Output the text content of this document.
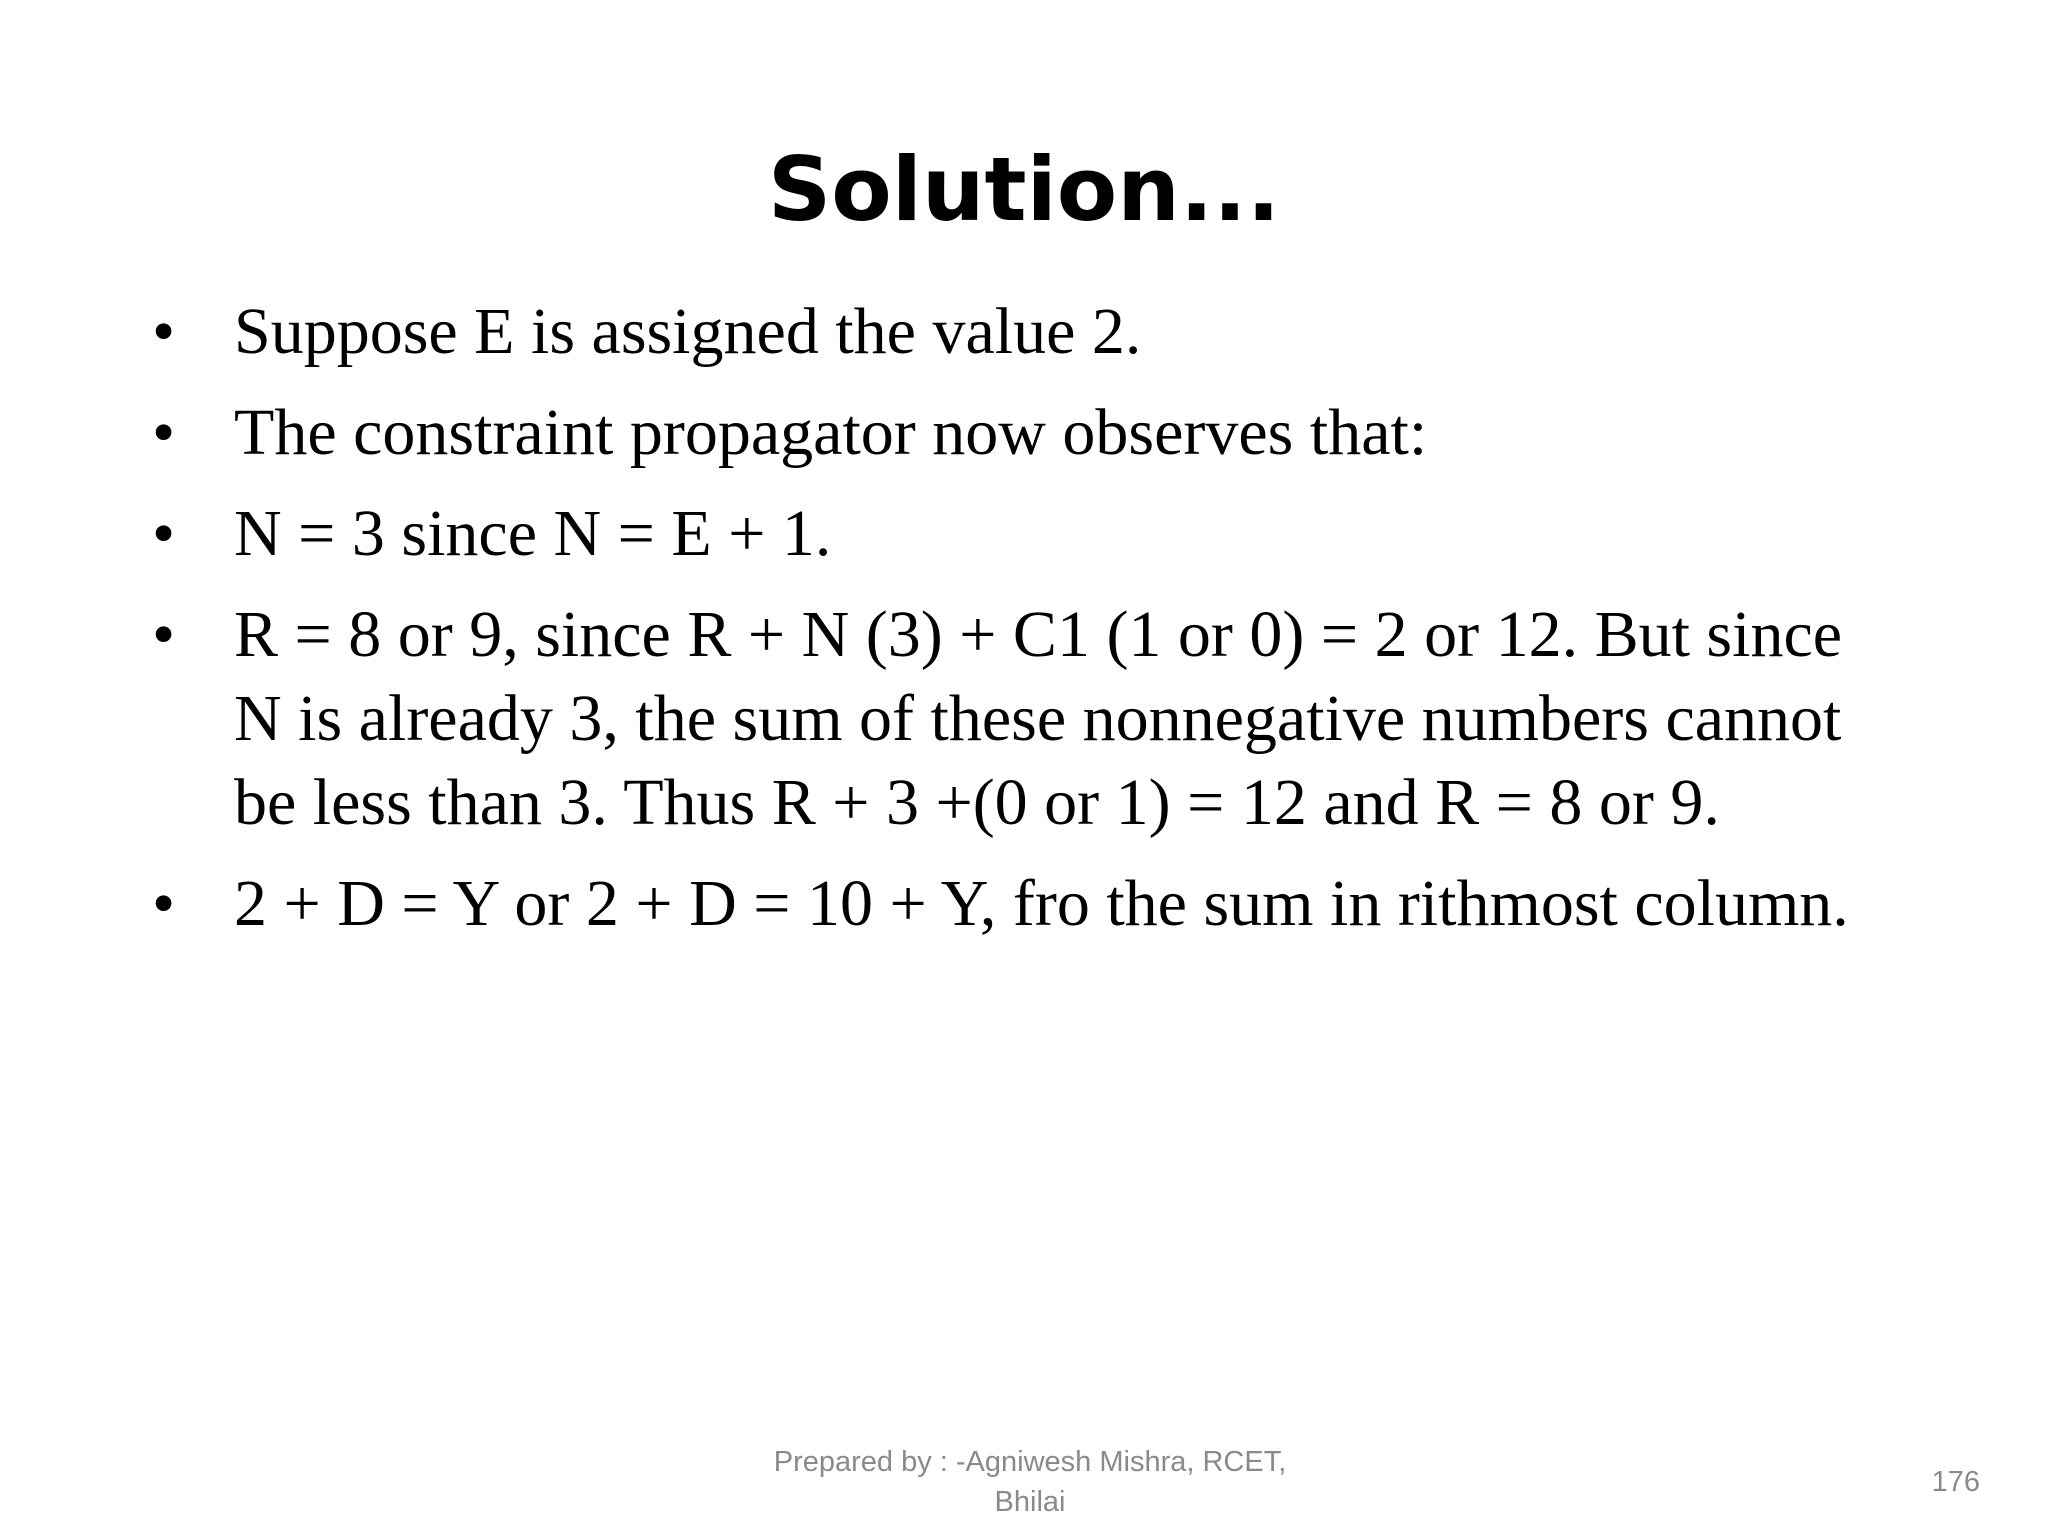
Solution...
• Suppose E is assigned the value 2.
• The constraint propagator now observes that:
• N = 3 since N = E + 1.
• R = 8 or 9, since R + N (3) + C1 (1 or 0) = 2 or 12. But since N is already 3, the sum of these nonnegative numbers cannot be less than 3. Thus R + 3 +(0 or 1) = 12 and R = 8 or 9.
• 2 + D = Y or 2 + D = 10 + Y, fro the sum in rithmost column.
Prepared by : -Agniwesh Mishra, RCET,
Bhilai
176
